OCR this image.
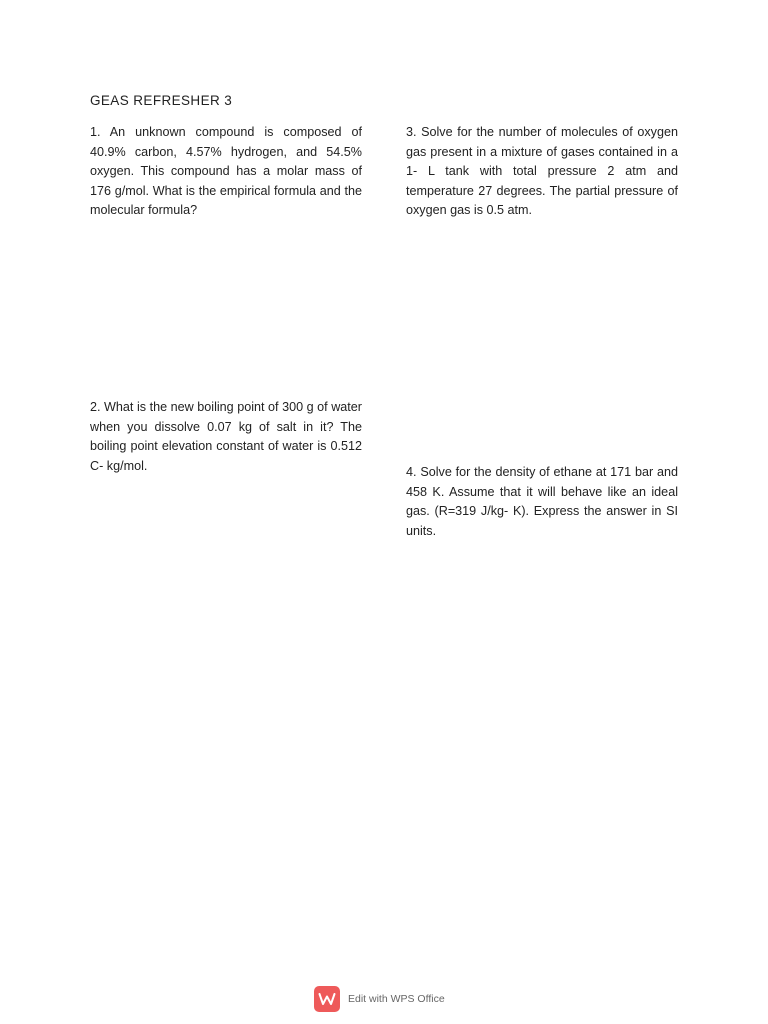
GEAS REFRESHER 3

1. An unknown compound is composed of 40.9% carbon, 4.57% hydrogen, and 54.5% oxygen. This compound has a molar mass of 176 g/mol. What is the empirical formula and the molecular formula?

2. What is the new boiling point of 300 g of water when you dissolve 0.07 kg of salt in it? The boiling point elevation constant of water is 0.512 C- kg/mol.

3. Solve for the number of molecules of oxygen gas present in a mixture of gases contained in a 1- L tank with total pressure 2 atm and temperature 27 degrees. The partial pressure of oxygen gas is 0.5 atm.

4. Solve for the density of ethane at 171 bar and 458 K. Assume that it will behave like an ideal gas. (R=319 J/kg- K). Express the answer in SI units.

Edit with WPS Office
